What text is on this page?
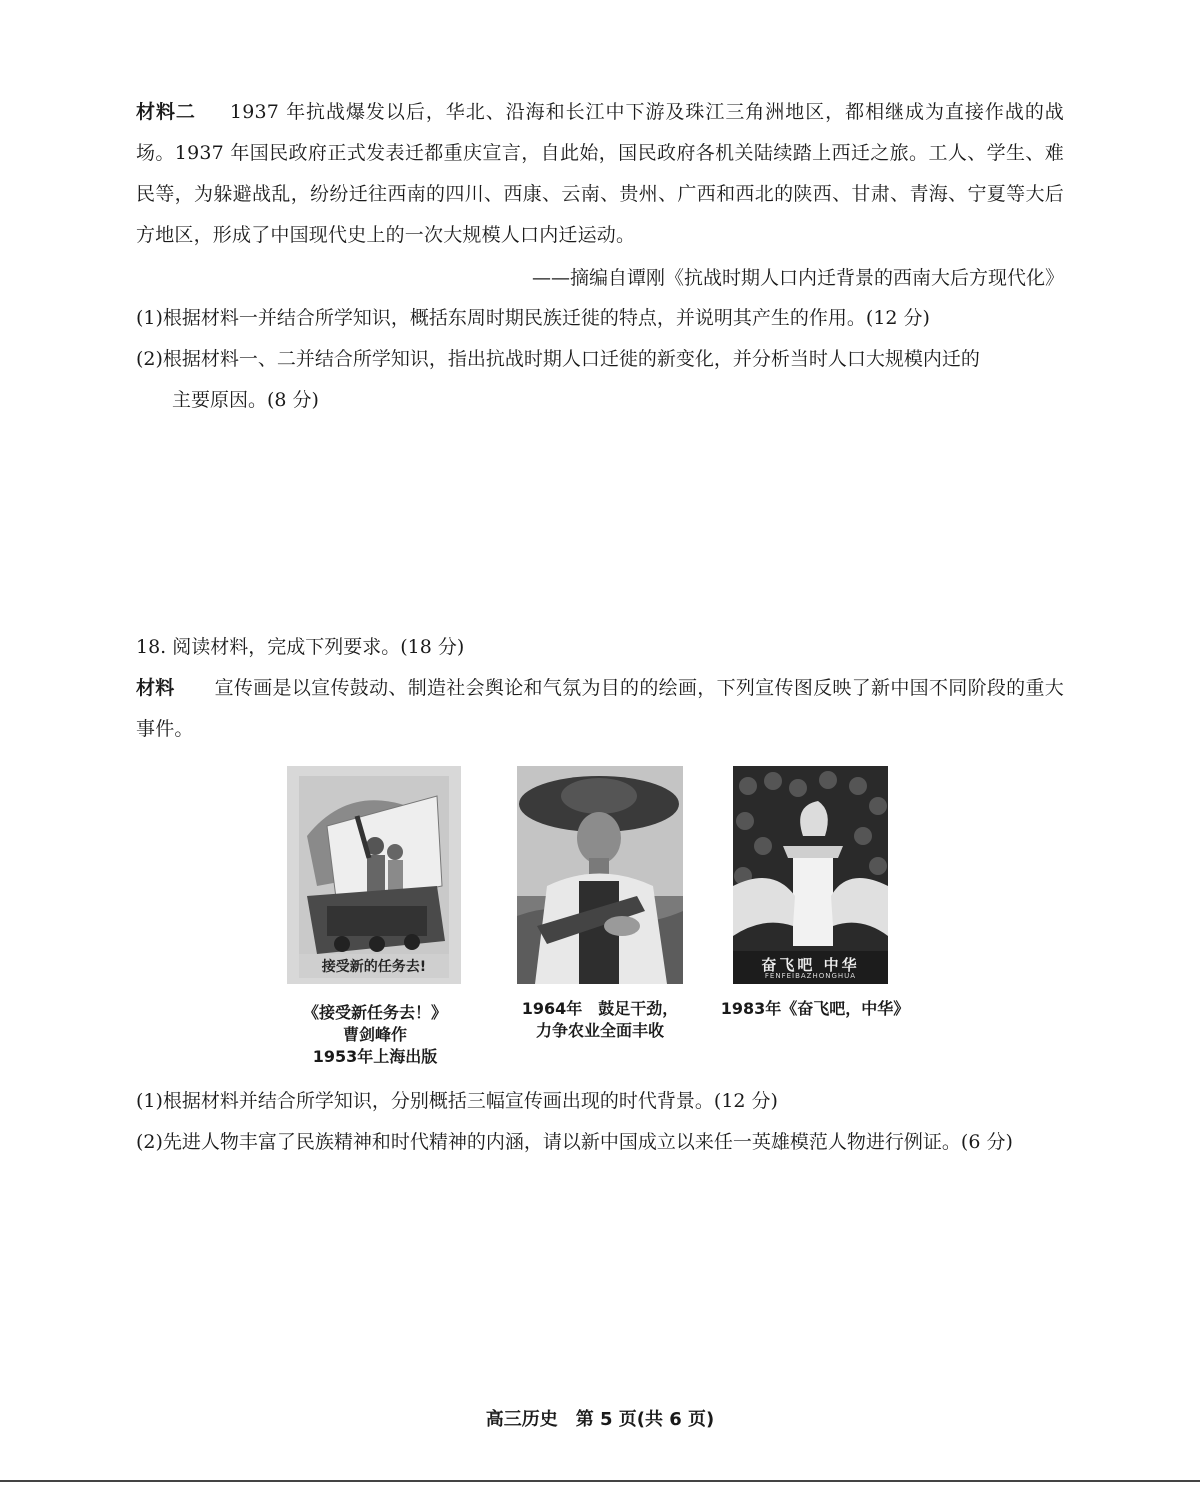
材料二 1937 年抗战爆发以后，华北、沿海和长江中下游及珠江三角洲地区，都相继成为直接作战的战场。1937 年国民政府正式发表迁都重庆宣言，自此始，国民政府各机关陆续踏上西迁之旅。工人、学生、难民等，为躲避战乱，纷纷迁往西南的四川、西康、云南、贵州、广西和西北的陕西、甘肃、青海、宁夏等大后方地区，形成了中国现代史上的一次大规模人口内迁运动。
——摘编自谭刚《抗战时期人口内迁背景的西南大后方现代化》
(1)根据材料一并结合所学知识，概括东周时期民族迁徙的特点，并说明其产生的作用。(12 分)
(2)根据材料一、二并结合所学知识，指出抗战时期人口迁徙的新变化，并分析当时人口大规模内迁的
主要原因。(8 分)
18. 阅读材料，完成下列要求。(18 分)
材料 宣传画是以宣传鼓动、制造社会舆论和气氛为目的的绘画，下列宣传图反映了新中国不同阶段的重大事件。
接受新的任务去!	奋飞吧 中华
FENFEIBAZHONGHUA
《接受新任务去！》
曹剑峰作
1953年上海出版
1964年　鼓足干劲，
力争农业全面丰收
1983年《奋飞吧，中华》
(1)根据材料并结合所学知识，分别概括三幅宣传画出现的时代背景。(12 分)
(2)先进人物丰富了民族精神和时代精神的内涵，请以新中国成立以来任一英雄模范人物进行例证。(6 分)
高三历史　第 5 页(共 6 页)
